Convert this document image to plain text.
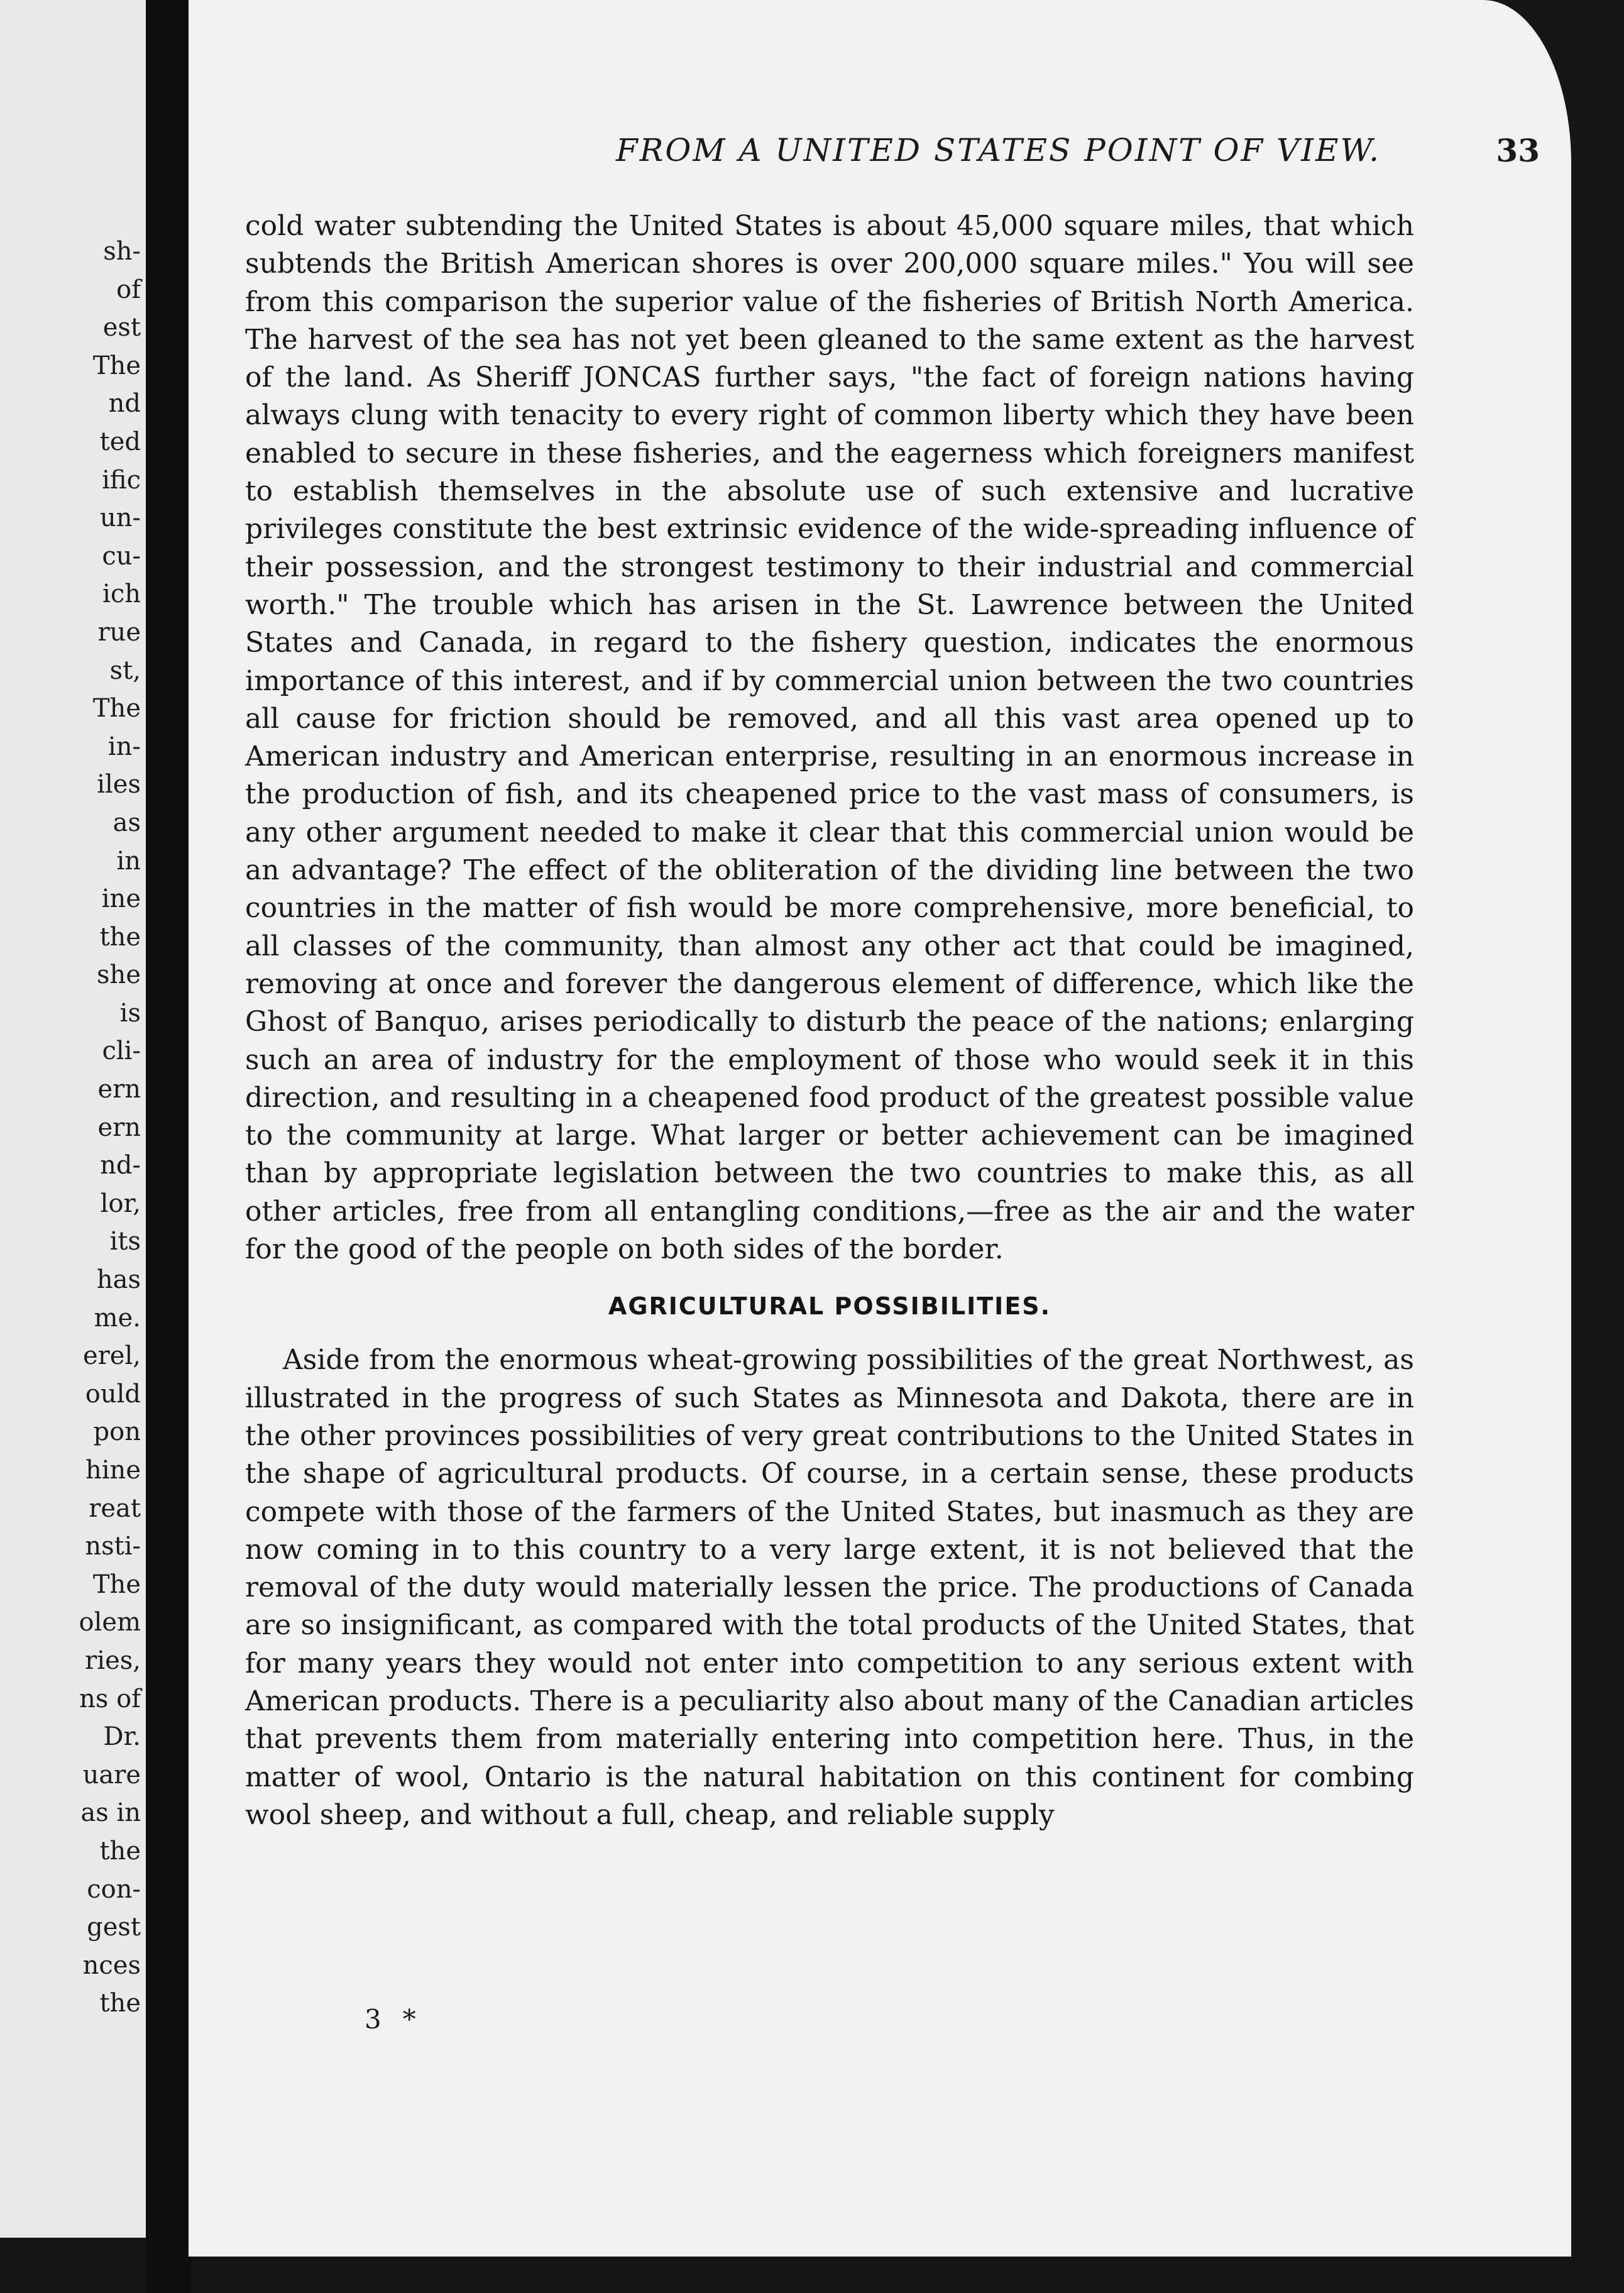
sh-
of
est
The
nd
ted
ific
un-
cu-
ich
rue
st,
The
in-
iles
as
in
ine
the
she
is
cli-
ern
ern
nd-
lor,
its
has
me.
erel,
ould
pon
hine
reat
nsti-
The
olem
ries,
ns of
Dr.
uare
as in
the
con-
gest
nces
the
FROM A UNITED STATES POINT OF VIEW.	33

cold water subtending the United States is about 45,000 square miles, that which subtends the British American shores is over 200,000 square miles." You will see from this comparison the superior value of the fisheries of British North America. The harvest of the sea has not yet been gleaned to the same extent as the harvest of the land. As Sheriff JONCAS further says, "the fact of foreign nations having always clung with tenacity to every right of common liberty which they have been enabled to secure in these fisheries, and the eagerness which foreigners manifest to establish themselves in the absolute use of such extensive and lucrative privileges constitute the best extrinsic evidence of the wide-spreading influence of their possession, and the strongest testimony to their industrial and commercial worth." The trouble which has arisen in the St. Lawrence between the United States and Canada, in regard to the fishery question, indicates the enormous importance of this interest, and if by commercial union between the two countries all cause for friction should be removed, and all this vast area opened up to American industry and American enterprise, resulting in an enormous increase in the production of fish, and its cheapened price to the vast mass of consumers, is any other argument needed to make it clear that this commercial union would be an advantage? The effect of the obliteration of the dividing line between the two countries in the matter of fish would be more comprehensive, more beneficial, to all classes of the community, than almost any other act that could be imagined, removing at once and forever the dangerous element of difference, which like the Ghost of Banquo, arises periodically to disturb the peace of the nations; enlarging such an area of industry for the employment of those who would seek it in this direction, and resulting in a cheapened food product of the greatest possible value to the community at large. What larger or better achievement can be imagined than by appropriate legislation between the two countries to make this, as all other articles, free from all entangling conditions,—free as the air and the water for the good of the people on both sides of the border.

AGRICULTURAL POSSIBILITIES.

Aside from the enormous wheat-growing possibilities of the great Northwest, as illustrated in the progress of such States as Minnesota and Dakota, there are in the other provinces possibilities of very great contributions to the United States in the shape of agricultural products. Of course, in a certain sense, these products compete with those of the farmers of the United States, but inasmuch as they are now coming in to this country to a very large extent, it is not believed that the removal of the duty would materially lessen the price. The productions of Canada are so insignificant, as compared with the total products of the United States, that for many years they would not enter into competition to any serious extent with American products. There is a peculiarity also about many of the Canadian articles that prevents them from materially entering into competition here. Thus, in the matter of wool, Ontario is the natural habitation on this continent for combing wool sheep, and without a full, cheap, and reliable supply

3 *
